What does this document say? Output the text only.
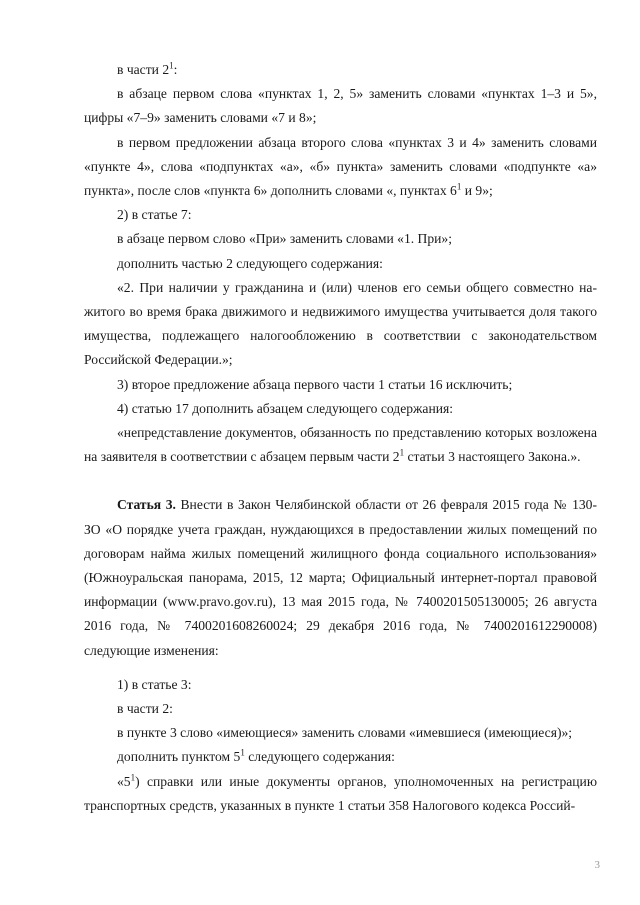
в части $2^1$:
в абзаце первом слова «пунктах 1, 2, 5» заменить словами «пунктах 1–3 и 5», цифры «7–9» заменить словами «7 и 8»;
в первом предложении абзаца второго слова «пунктах 3 и 4» заменить словами «пункте 4», слова «подпунктах «а», «б» пункта» заменить словами «подпункте «а» пункта», после слов «пункта 6» дополнить словами «, пунктах $6^1$ и 9»;
2) в статье 7:
в абзаце первом слово «При» заменить словами «1. При»;
дополнить частью 2 следующего содержания:
«2. При наличии у гражданина и (или) членов его семьи общего совместно нажитого во время брака движимого и недвижимого имущества учитывается доля такого имущества, подлежащего налогообложению в соответствии с законодательством Российской Федерации.»;
3) второе предложение абзаца первого части 1 статьи 16 исключить;
4) статью 17 дополнить абзацем следующего содержания:
«непредставление документов, обязанность по представлению которых возложена на заявителя в соответствии с абзацем первым части $2^1$ статьи 3 настоящего Закона.».
Статья 3. Внести в Закон Челябинской области от 26 февраля 2015 года № 130-ЗО «О порядке учета граждан, нуждающихся в предоставлении жилых помещений по договорам найма жилых помещений жилищного фонда социального использования» (Южноуральская панорама, 2015, 12 марта; Официальный интернет-портал правовой информации (www.pravo.gov.ru), 13 мая 2015 года, № 7400201505130005; 26 августа 2016 года, № 7400201608260024; 29 декабря 2016 года, № 7400201612290008) следующие изменения:
1) в статье 3:
в части 2:
в пункте 3 слово «имеющиеся» заменить словами «имевшиеся (имеющиеся)»;
дополнить пунктом $5^1$ следующего содержания:
«$5^1$) справки или иные документы органов, уполномоченных на регистрацию транспортных средств, указанных в пункте 1 статьи 358 Налогового кодекса Россий-
3
